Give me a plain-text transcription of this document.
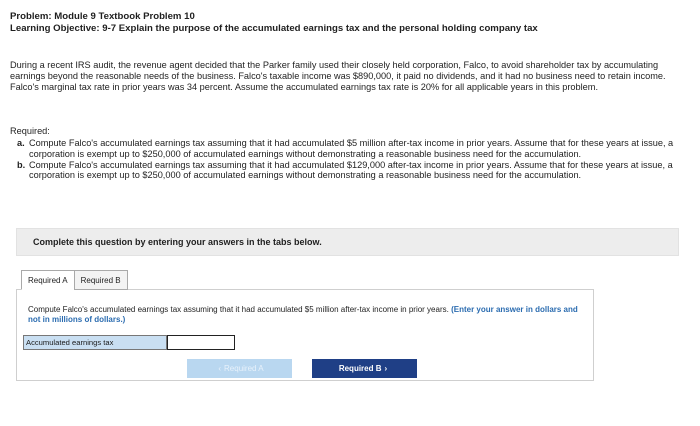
Problem: Module 9 Textbook Problem 10
Learning Objective: 9-7 Explain the purpose of the accumulated earnings tax and the personal holding company tax
During a recent IRS audit, the revenue agent decided that the Parker family used their closely held corporation, Falco, to avoid shareholder tax by accumulating earnings beyond the reasonable needs of the business. Falco's taxable income was $890,000, it paid no dividends, and it had no business need to retain income. Falco's marginal tax rate in prior years was 34 percent. Assume the accumulated earnings tax rate is 20% for all applicable years in this problem.
Required:
a. Compute Falco's accumulated earnings tax assuming that it had accumulated $5 million after-tax income in prior years. Assume that for these years at issue, a corporation is exempt up to $250,000 of accumulated earnings without demonstrating a reasonable business need for the accumulation.
b. Compute Falco's accumulated earnings tax assuming that it had accumulated $129,000 after-tax income in prior years. Assume that for these years at issue, a corporation is exempt up to $250,000 of accumulated earnings without demonstrating a reasonable business need for the accumulation.
Complete this question by entering your answers in the tabs below.
Required A	Required B
Compute Falco's accumulated earnings tax assuming that it had accumulated $5 million after-tax income in prior years. (Enter your answer in dollars and not in millions of dollars.)
Accumulated earnings tax
‹ Required A	Required B ›
